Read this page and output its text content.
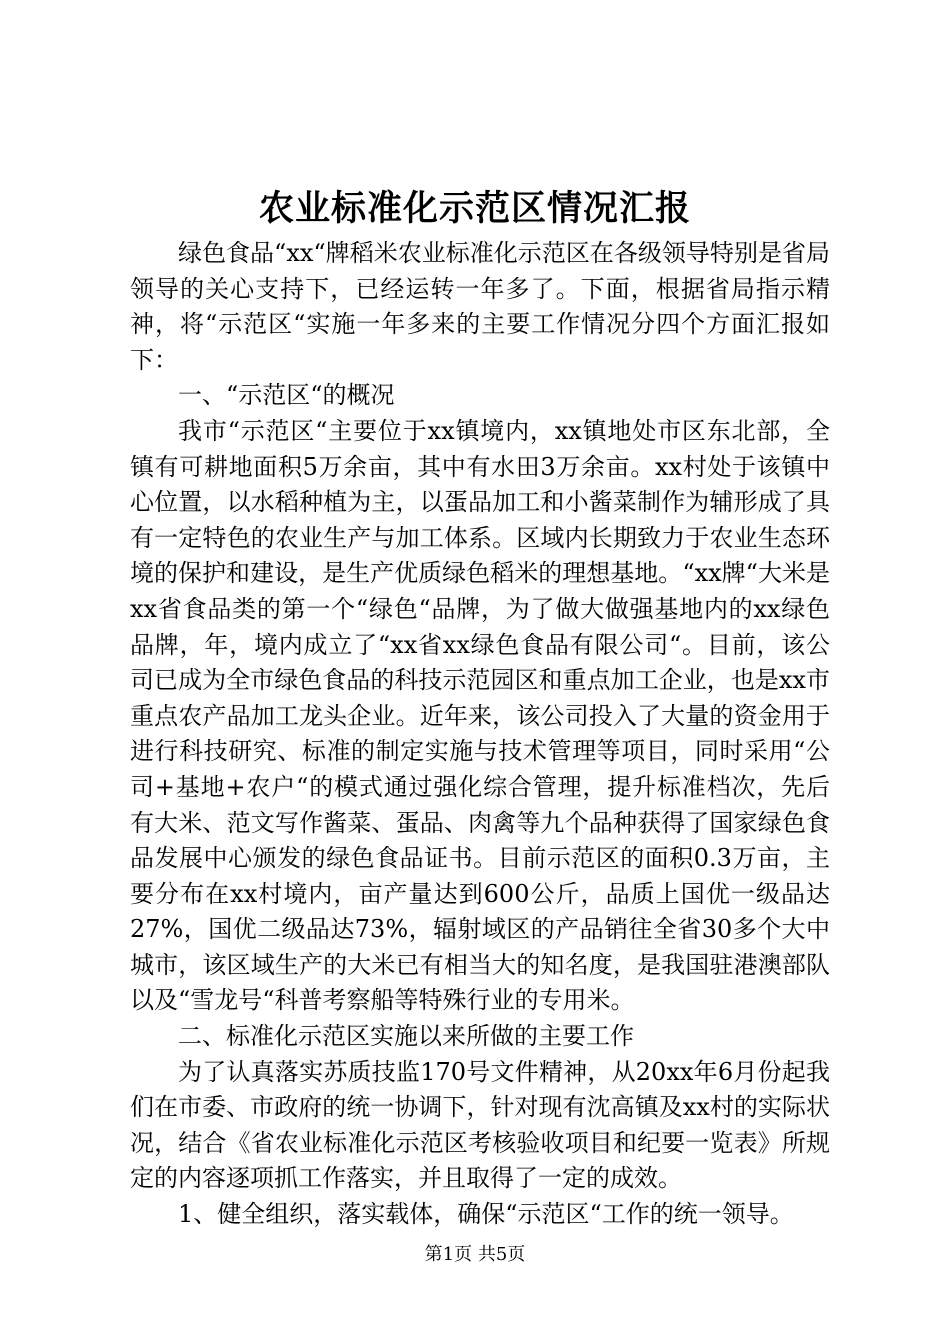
农业标准化示范区情况汇报

绿色食品“xx“牌稻米农业标准化示范区在各级领导特别是省局领导的关心支持下，已经运转一年多了。下面，根据省局指示精神，将“示范区“实施一年多来的主要工作情况分四个方面汇报如下：

一、“示范区“的概况

我市“示范区“主要位于xx镇境内，xx镇地处市区东北部，全镇有可耕地面积5万余亩，其中有水田3万余亩。xx村处于该镇中心位置，以水稻种植为主，以蛋品加工和小酱菜制作为辅形成了具有一定特色的农业生产与加工体系。区域内长期致力于农业生态环境的保护和建设，是生产优质绿色稻米的理想基地。“xx牌“大米是xx省食品类的第一个“绿色“品牌，为了做大做强基地内的xx绿色品牌，年，境内成立了“xx省xx绿色食品有限公司“。目前，该公司已成为全市绿色食品的科技示范园区和重点加工企业，也是xx市重点农产品加工龙头企业。近年来，该公司投入了大量的资金用于进行科技研究、标准的制定实施与技术管理等项目，同时采用“公司+基地+农户“的模式通过强化综合管理，提升标准档次，先后有大米、范文写作酱菜、蛋品、肉禽等九个品种获得了国家绿色食品发展中心颁发的绿色食品证书。目前示范区的面积0.3万亩，主要分布在xx村境内，亩产量达到600公斤，品质上国优一级品达27%，国优二级品达73%，辐射域区的产品销往全省30多个大中城市，该区域生产的大米已有相当大的知名度，是我国驻港澳部队以及“雪龙号“科普考察船等特殊行业的专用米。

二、标准化示范区实施以来所做的主要工作

为了认真落实苏质技监170号文件精神，从20xx年6月份起我们在市委、市政府的统一协调下，针对现有沈高镇及xx村的实际状况，结合《省农业标准化示范区考核验收项目和纪要一览表》所规定的内容逐项抓工作落实，并且取得了一定的成效。

1、健全组织，落实载体，确保“示范区“工作的统一领导。

第1页 共5页
